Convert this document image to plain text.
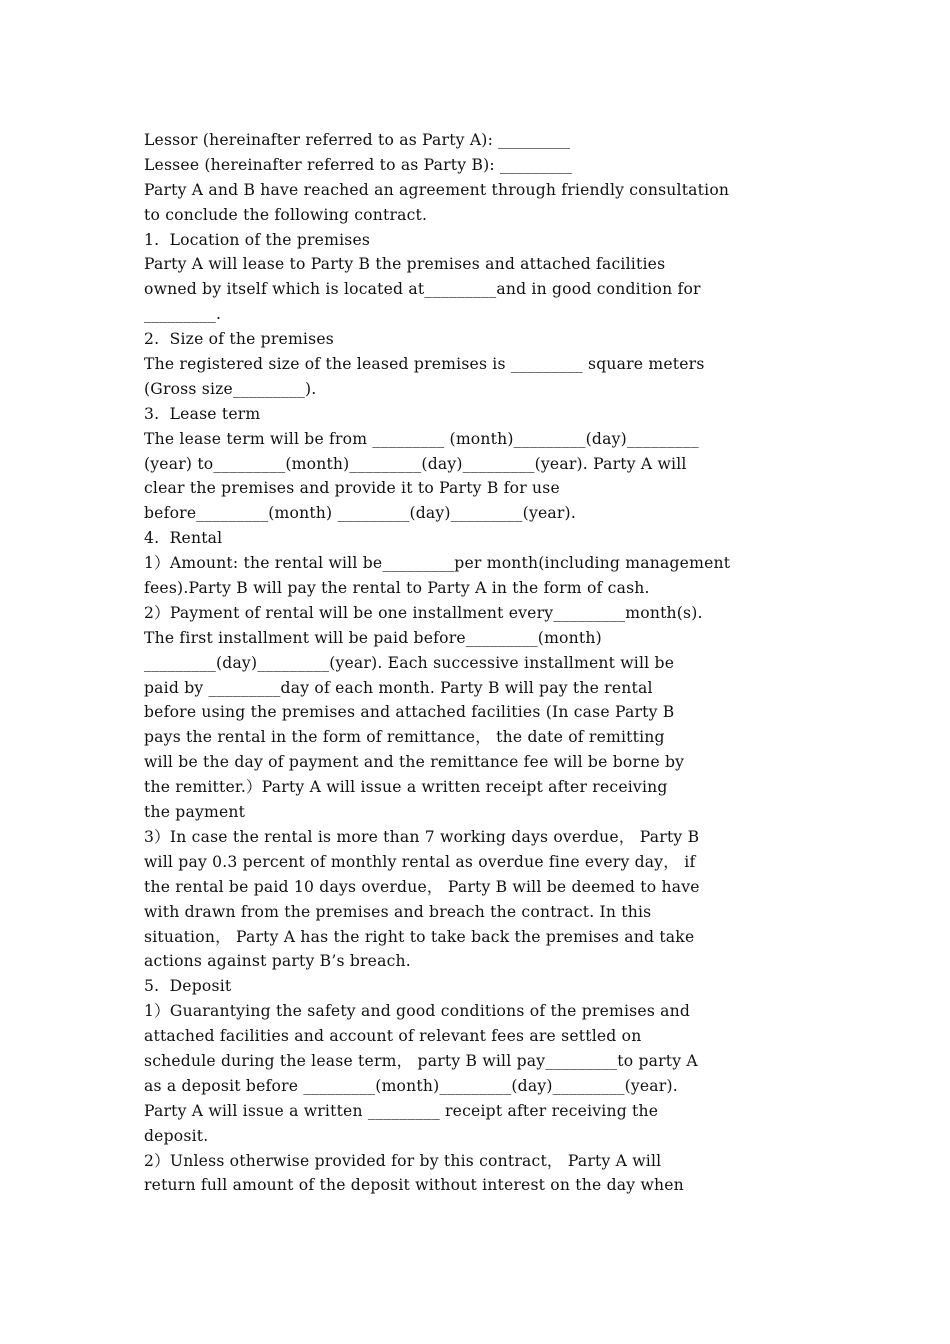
Lessor (hereinafter referred to as Party A): _________
Lessee (hereinafter referred to as Party B): _________
Party A and B have reached an agreement through friendly consultation
to conclude the following contract.
1.  Location of the premises
Party A will lease to Party B the premises and attached facilities
owned by itself which is located at_________and in good condition for
_________.
2.  Size of the premises
The registered size of the leased premises is _________ square meters
(Gross size_________).
3.  Lease term
The lease term will be from _________ (month)_________(day)_________
(year) to_________(month)_________(day)_________(year). Party A will
clear the premises and provide it to Party B for use
before_________(month) _________(day)_________(year).
4.  Rental
1）Amount: the rental will be_________per month(including management
fees).Party B will pay the rental to Party A in the form of cash.
2）Payment of rental will be one installment every_________month(s).
The first installment will be paid before_________(month)
_________(day)_________(year). Each successive installment will be
paid by _________day of each month. Party B will pay the rental
before using the premises and attached facilities (In case Party B
pays the rental in the form of remittance， the date of remitting
will be the day of payment and the remittance fee will be borne by
the remitter.）Party A will issue a written receipt after receiving
the payment
3）In case the rental is more than 7 working days overdue， Party B
will pay 0.3 percent of monthly rental as overdue fine every day， if
the rental be paid 10 days overdue， Party B will be deemed to have
with drawn from the premises and breach the contract. In this
situation， Party A has the right to take back the premises and take
actions against party B’s breach.
5.  Deposit
1）Guarantying the safety and good conditions of the premises and
attached facilities and account of relevant fees are settled on
schedule during the lease term， party B will pay_________to party A
as a deposit before _________(month)_________(day)_________(year).
Party A will issue a written _________ receipt after receiving the
deposit.
2）Unless otherwise provided for by this contract， Party A will
return full amount of the deposit without interest on the day when
